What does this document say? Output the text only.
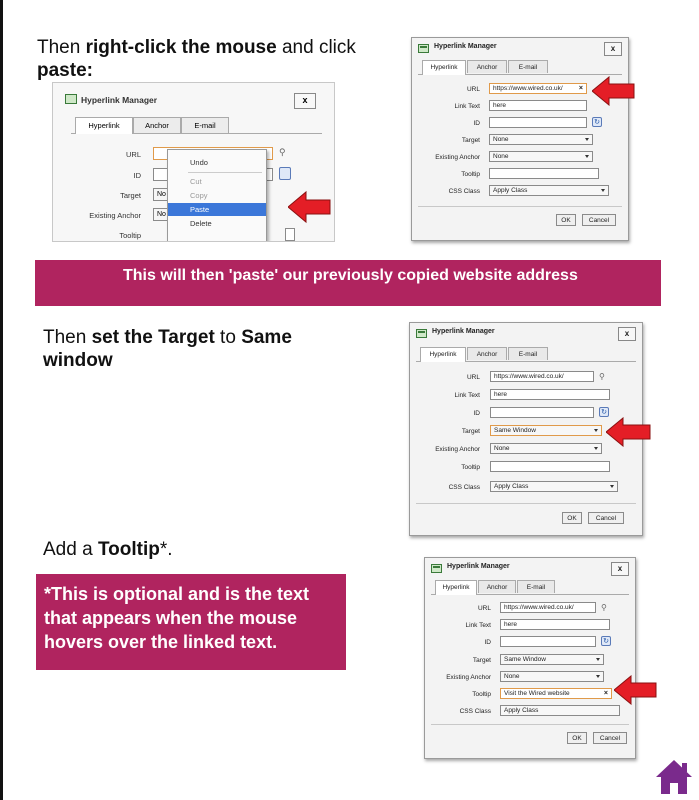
Then right-click the mouse and click paste:
Hyperlink Manager	x
Hyperlink	Anchor	E-mail
URL	⚲
ID
Target	No
Existing Anchor	No
Tooltip
Undo
Cut
Copy
Paste
Delete
Hyperlink Manager	x
Hyperlink	Anchor	E-mail
URL	https://www.wired.co.uk/ ×
Link Text	here
ID	↻
Target	None
Existing Anchor	None
Tooltip
CSS Class	Apply Class
OK	Cancel
This will then 'paste' our previously copied website address
Then set the Target to Same window
Hyperlink Manager	x
Hyperlink	Anchor	E-mail
URL	https://www.wired.co.uk/	⚲
Link Text	here
ID	↻
Target	Same Window
Existing Anchor	None
Tooltip
CSS Class	Apply Class
OK	Cancel
Add a Tooltip*.
*This is optional and is the text that appears when the mouse hovers over the linked text.
Hyperlink Manager	x
Hyperlink	Anchor	E-mail
URL	https://www.wired.co.uk/	⚲
Link Text	here
ID	↻
Target	Same Window
Existing Anchor	None
Tooltip	Visit the Wired website	×
CSS Class	Apply Class
OK	Cancel
